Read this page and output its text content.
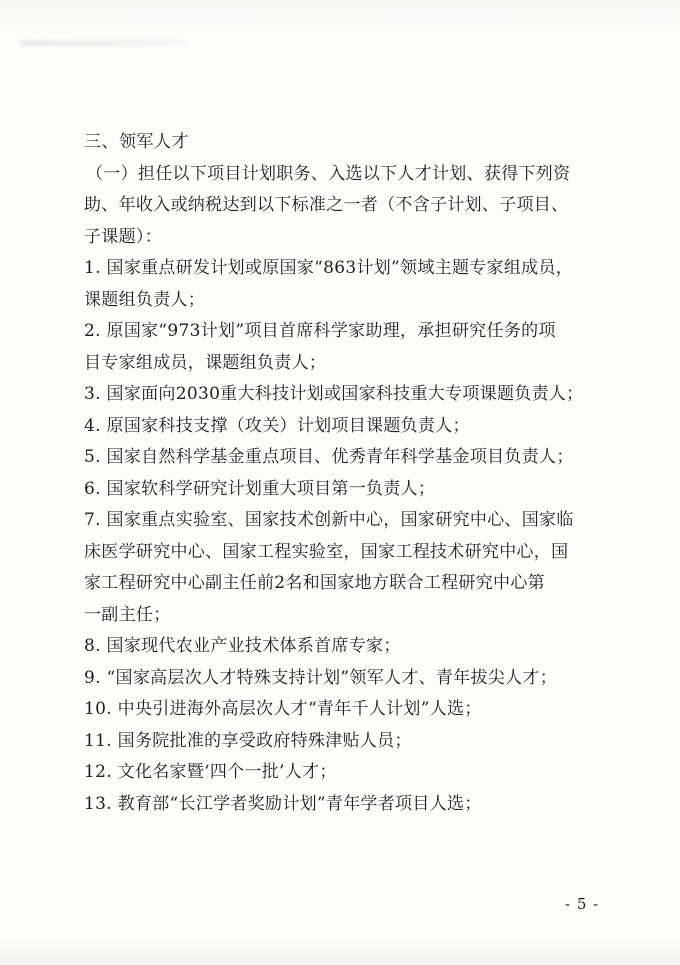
三、领军人才
（一）担任以下项目计划职务、入选以下人才计划、获得下列资
助、年收入或纳税达到以下标准之一者（不含子计划、子项目、
子课题）：
1. 国家重点研发计划或原国家“863计划”领域主题专家组成员，
课题组负责人；
2. 原国家“973计划”项目首席科学家助理，承担研究任务的项
目专家组成员，课题组负责人；
3. 国家面向2030重大科技计划或国家科技重大专项课题负责人；
4. 原国家科技支撑（攻关）计划项目课题负责人；
5. 国家自然科学基金重点项目、优秀青年科学基金项目负责人；
6. 国家软科学研究计划重大项目第一负责人；
7. 国家重点实验室、国家技术创新中心，国家研究中心、国家临
床医学研究中心、国家工程实验室，国家工程技术研究中心，国
家工程研究中心副主任前2名和国家地方联合工程研究中心第
一副主任；
8. 国家现代农业产业技术体系首席专家；
9. “国家高层次人才特殊支持计划”领军人才、青年拔尖人才；
10. 中央引进海外高层次人才“青年千人计划”人选；
11. 国务院批准的享受政府特殊津贴人员；
12. 文化名家暨‘四个一批’人才；
13. 教育部“长江学者奖励计划”青年学者项目人选；
- 5 -
